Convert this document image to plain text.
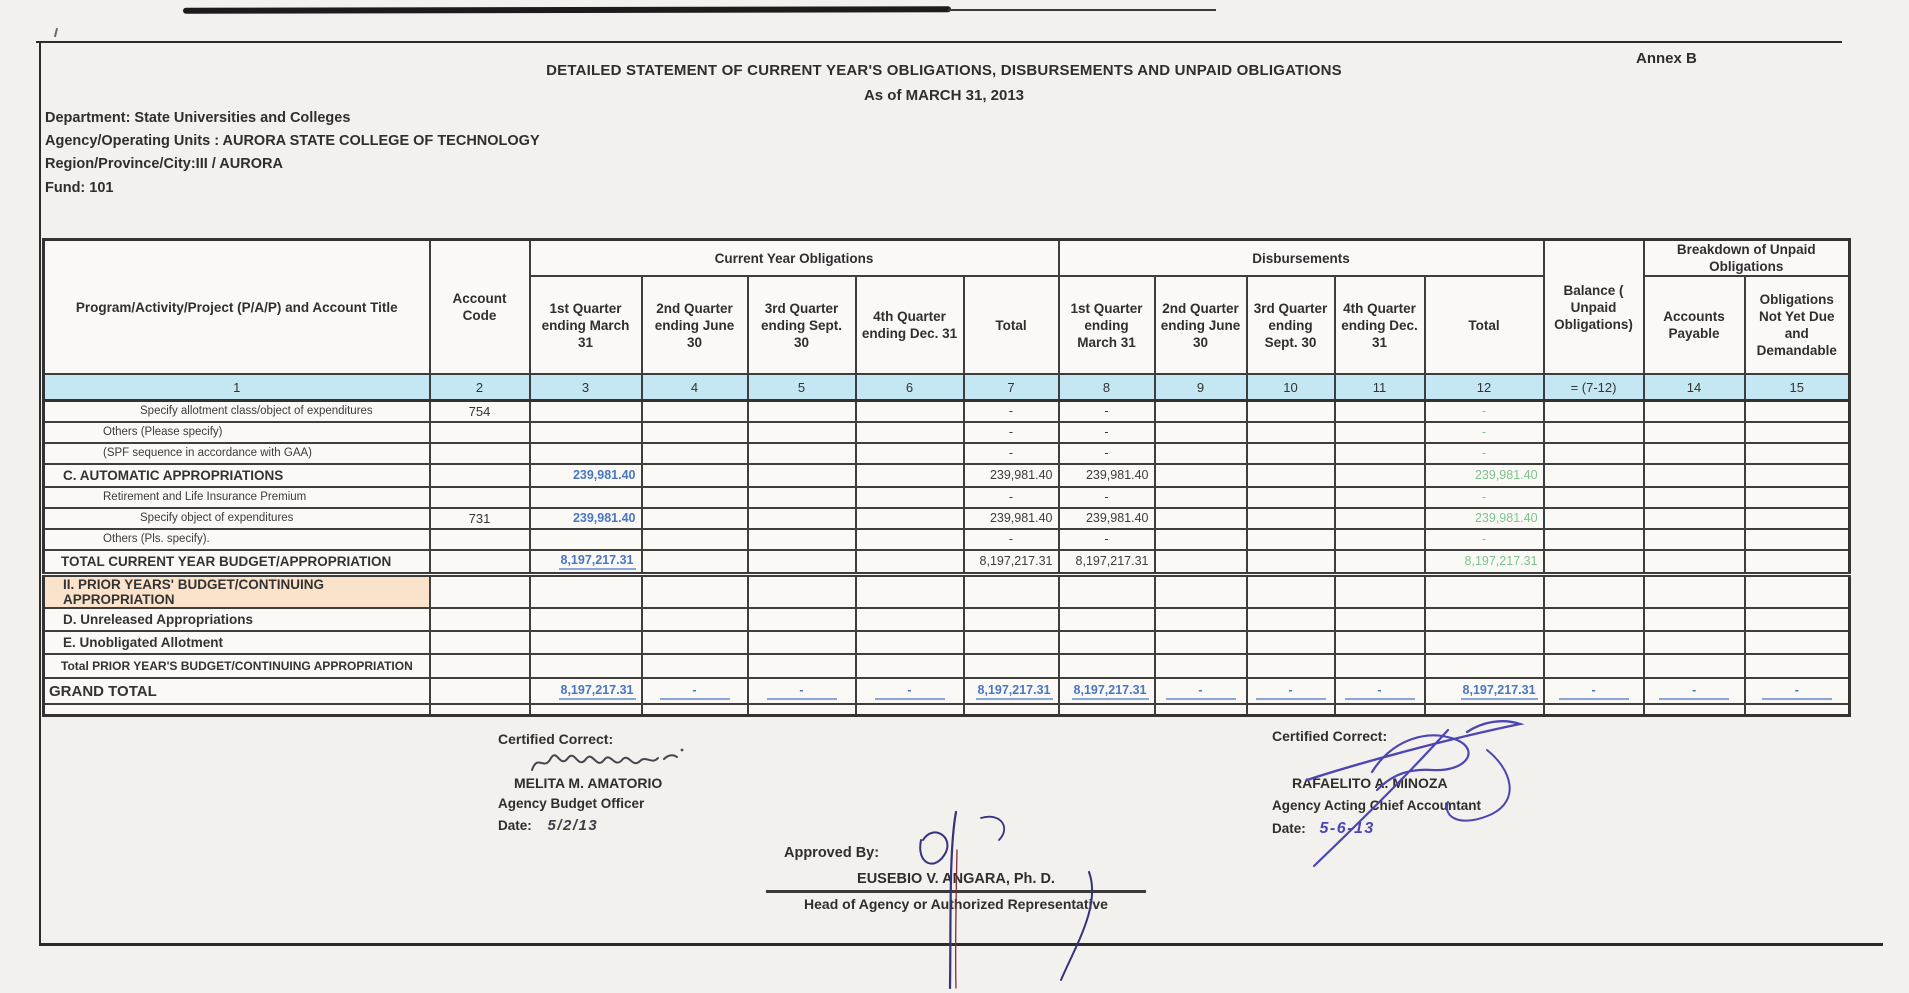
Annex B
DETAILED STATEMENT OF CURRENT YEAR'S OBLIGATIONS, DISBURSEMENTS AND UNPAID OBLIGATIONS
As of MARCH 31, 2013
Department: State Universities and Colleges
Agency/Operating Units : AURORA STATE COLLEGE OF TECHNOLOGY
Region/Province/City:III / AURORA
Fund: 101
Program/Activity/Project (P/A/P) and Account Title	Account Code	Current Year Obligations					Disbursements					Balance ( Unpaid Obligations)	Breakdown of Unpaid Obligations	
		1st Quarter ending March 31	2nd Quarter ending June 30	3rd Quarter ending Sept. 30	4th Quarter ending Dec. 31	Total	1st Quarter ending March 31	2nd Quarter ending June 30	3rd Quarter ending Sept. 30	4th Quarter ending Dec. 31	Total		Accounts Payable	Obligations Not Yet Due and Demandable
1	2	3	4	5	6	7	8	9	10	11	12	= (7-12)	14	15
Specify allotment class/object of expenditures	754					-	-				-			
Others (Please specify)						-	-				-			
(SPF sequence in accordance with GAA)						-	-				-			
C. AUTOMATIC APPROPRIATIONS		239,981.40				239,981.40	239,981.40				239,981.40			
Retirement and Life Insurance Premium						-	-				-			
Specify object of expenditures	731	239,981.40				239,981.40	239,981.40				239,981.40			
Others (Pls. specify).						-	-				-			
TOTAL CURRENT YEAR BUDGET/APPROPRIATION		8,197,217.31				8,197,217.31	8,197,217.31				8,197,217.31			
II. PRIOR YEARS' BUDGET/CONTINUING APPROPRIATION														
D. Unreleased Appropriations														
E. Unobligated Allotment														
Total PRIOR YEAR'S BUDGET/CONTINUING APPROPRIATION														
GRAND TOTAL		8,197,217.31	-	-	-	8,197,217.31	8,197,217.31	-	-	-	8,197,217.31	-	-	-

Certified Correct:
MELITA M. AMATORIO
Agency Budget Officer
Date: 5/2/13
Certified Correct:
RAFAELITO A. MINOZA
Agency Acting Chief Accountant
Date: 5-6-13
Approved By:
EUSEBIO V. ANGARA, Ph. D.
Head of Agency or Authorized Representative
